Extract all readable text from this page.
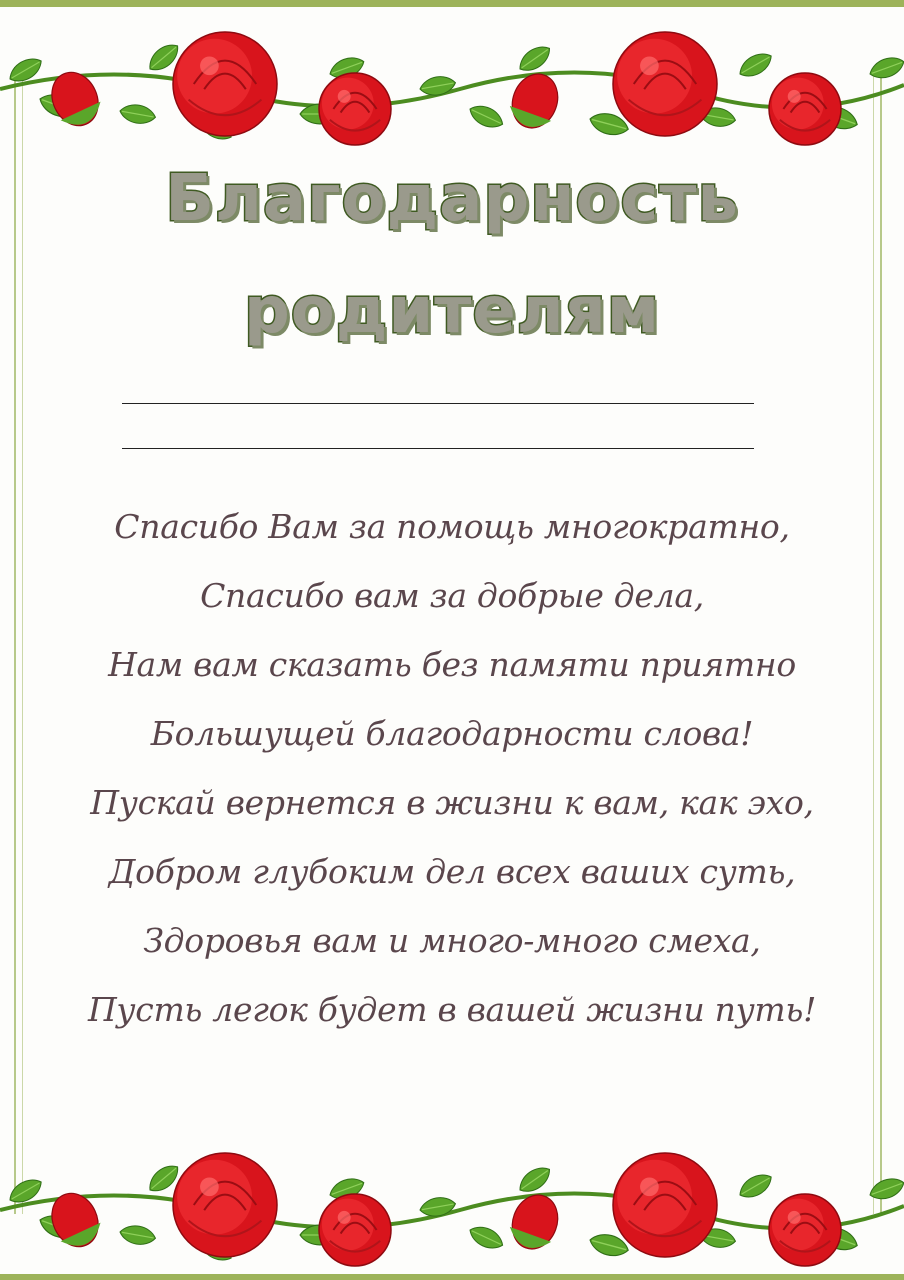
Благодарность
родителям
Спасибо Вам за помощь многократно,
Спасибо вам за добрые дела,
Нам вам сказать без памяти приятно
Большущей благодарности слова!
Пускай вернется в жизни к вам, как эхо,
Добром глубоким дел всех ваших суть,
Здоровья вам и много-много смеха,
Пусть легок будет в вашей жизни путь!
